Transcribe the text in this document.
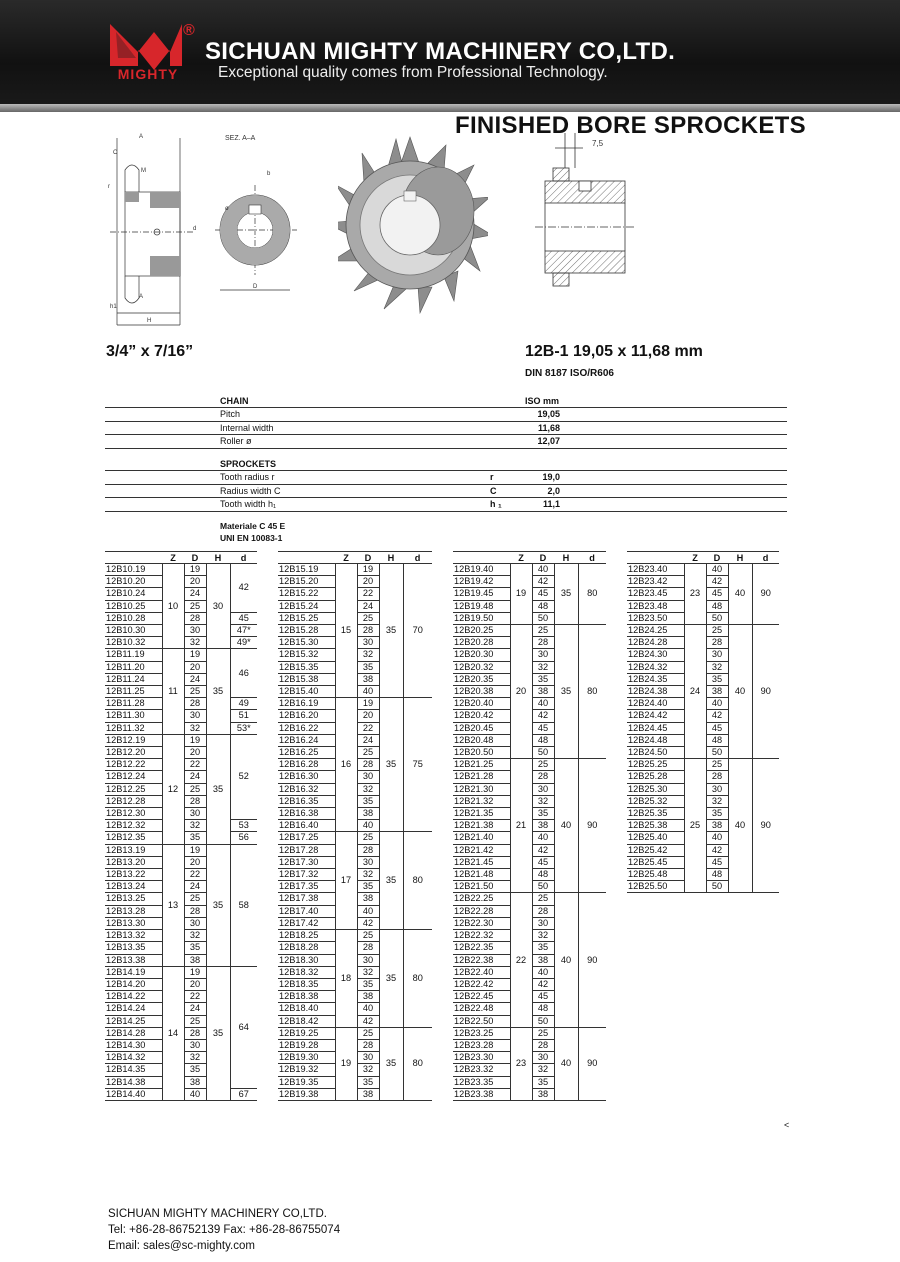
®
MIGHTY
SICHUAN MIGHTY MACHINERY CO,LTD.
Exceptional quality comes from Professional Technology.
FINISHED BORE SPROCKETS
A
C
M
r
d
A
h1
H
SEZ. A–A
b
D
ø
7,5
3/4” x 7/16”	12B-1 19,05 x 11,68 mm
DIN 8187 ISO/R606
CHAIN	ISO mm
Pitch	19,05
Internal width	11,68
Roller ø	12,07
SPROCKETS
Tooth radius r	r	19,0
Radius width C	C	2,0
Tooth width h₁	h ₁	11,1
Materiale C 45 E
UNI EN 10083-1
	Z	D	H	d
12B10.19	10	19	30	42
12B10.20		20		
12B10.24		24		
12B10.25		25		
12B10.28		28		45
12B10.30		30		47*
12B10.32		32		49*
12B11.19	11	19	35	46
12B11.20		20		
12B11.24		24		
12B11.25		25		
12B11.28		28		49
12B11.30		30		51
12B11.32		32		53*
12B12.19	12	19	35	52
12B12.20		20		
12B12.22		22		
12B12.24		24		
12B12.25		25		
12B12.28		28		
12B12.30		30		
12B12.32		32		53
12B12.35		35		56
12B13.19	13	19	35	58
12B13.20		20		
12B13.22		22		
12B13.24		24		
12B13.25		25		
12B13.28		28		
12B13.30		30		
12B13.32		32		
12B13.35		35		
12B13.38		38		
12B14.19	14	19	35	64
12B14.20		20		
12B14.22		22		
12B14.24		24		
12B14.25		25		
12B14.28		28		
12B14.30		30		
12B14.32		32		
12B14.35		35		
12B14.38		38		
12B14.40		40		67
	Z	D	H	d
12B15.19	15	19	35	70
12B15.20		20		
12B15.22		22		
12B15.24		24		
12B15.25		25		
12B15.28		28		
12B15.30		30		
12B15.32		32		
12B15.35		35		
12B15.38		38		
12B15.40		40		
12B16.19	16	19	35	75
12B16.20		20		
12B16.22		22		
12B16.24		24		
12B16.25		25		
12B16.28		28		
12B16.30		30		
12B16.32		32		
12B16.35		35		
12B16.38		38		
12B16.40		40		
12B17.25	17	25	35	80
12B17.28		28		
12B17.30		30		
12B17.32		32		
12B17.35		35		
12B17.38		38		
12B17.40		40		
12B17.42		42		
12B18.25	18	25	35	80
12B18.28		28		
12B18.30		30		
12B18.32		32		
12B18.35		35		
12B18.38		38		
12B18.40		40		
12B18.42		42		
12B19.25	19	25	35	80
12B19.28		28		
12B19.30		30		
12B19.32		32		
12B19.35		35		
12B19.38		38		
	Z	D	H	d
12B19.40	19	40	35	80
12B19.42		42		
12B19.45		45		
12B19.48		48		
12B19.50		50		
12B20.25	20	25	35	80
12B20.28		28		
12B20.30		30		
12B20.32		32		
12B20.35		35		
12B20.38		38		
12B20.40		40		
12B20.42		42		
12B20.45		45		
12B20.48		48		
12B20.50		50		
12B21.25	21	25	40	90
12B21.28		28		
12B21.30		30		
12B21.32		32		
12B21.35		35		
12B21.38		38		
12B21.40		40		
12B21.42		42		
12B21.45		45		
12B21.48		48		
12B21.50		50		
12B22.25	22	25	40	90
12B22.28		28		
12B22.30		30		
12B22.32		32		
12B22.35		35		
12B22.38		38		
12B22.40		40		
12B22.42		42		
12B22.45		45		
12B22.48		48		
12B22.50		50		
12B23.25	23	25	40	90
12B23.28		28		
12B23.30		30		
12B23.32		32		
12B23.35		35		
12B23.38		38		
	Z	D	H	d
12B23.40	23	40	40	90
12B23.42		42		
12B23.45		45		
12B23.48		48		
12B23.50		50		
12B24.25	24	25	40	90
12B24.28		28		
12B24.30		30		
12B24.32		32		
12B24.35		35		
12B24.38		38		
12B24.40		40		
12B24.42		42		
12B24.45		45		
12B24.48		48		
12B24.50		50		
12B25.25	25	25	40	90
12B25.28		28		
12B25.30		30		
12B25.32		32		
12B25.35		35		
12B25.38		38		
12B25.40		40		
12B25.42		42		
12B25.45		45		
12B25.48		48		
12B25.50		50		
˂
SICHUAN MIGHTY MACHINERY CO,LTD.
Tel: +86-28-86752139 Fax: +86-28-86755074
Email: sales@sc-mighty.com
